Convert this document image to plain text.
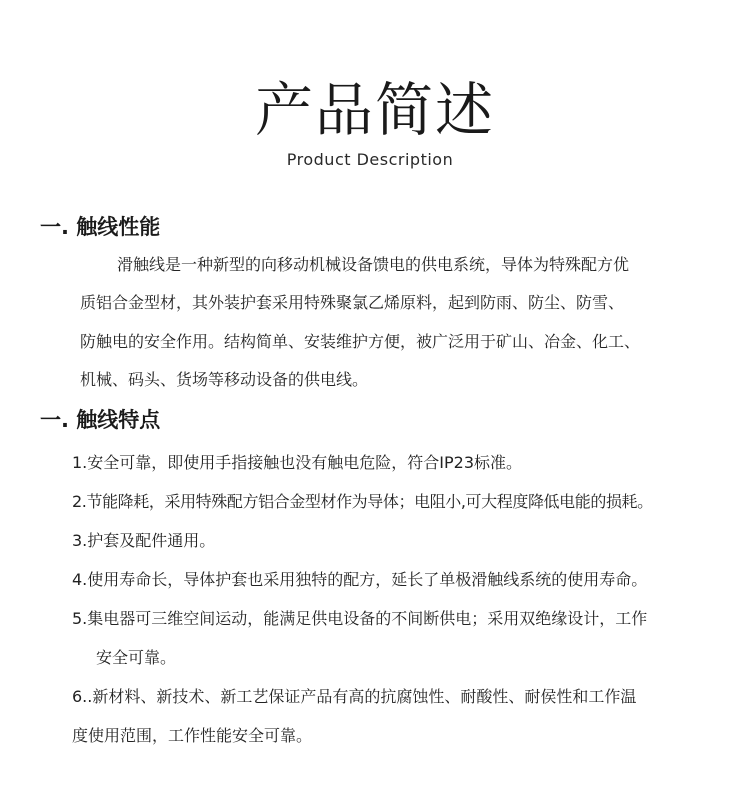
产品简述
Product Description
一. 触线性能
滑触线是一种新型的向移动机械设备馈电的供电系统，导体为特殊配方优
质铝合金型材，其外装护套采用特殊聚氯乙烯原料，起到防雨、防尘、防雪、
防触电的安全作用。结构简单、安装维护方便，被广泛用于矿山、冶金、化工、
机械、码头、货场等移动设备的供电线。
一. 触线特点
1.安全可靠，即使用手指接触也没有触电危险，符合IP23标准。
2.节能降耗，采用特殊配方铝合金型材作为导体；电阻小,可大程度降低电能的损耗。
3.护套及配件通用。
4.使用寿命长，导体护套也采用独特的配方，延长了单极滑触线系统的使用寿命。
5.集电器可三维空间运动，能满足供电设备的不间断供电；采用双绝缘设计，工作
安全可靠。
6..新材料、新技术、新工艺保证产品有高的抗腐蚀性、耐酸性、耐侯性和工作温
度使用范围，工作性能安全可靠。
